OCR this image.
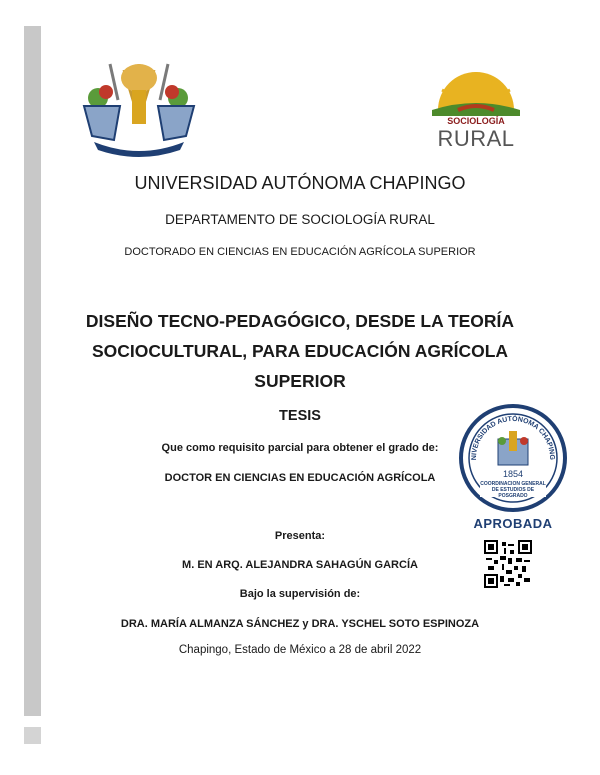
SOCIOLOGÍA
RURAL
UNIVERSIDAD AUTÓNOMA CHAPINGO
DEPARTAMENTO DE SOCIOLOGÍA RURAL
DOCTORADO EN CIENCIAS EN EDUCACIÓN AGRÍCOLA SUPERIOR
DISEÑO TECNO-PEDAGÓGICO, DESDE LA TEORÍA
SOCIOCULTURAL, PARA EDUCACIÓN AGRÍCOLA
SUPERIOR
TESIS
Que como requisito parcial para obtener el grado de:
DOCTOR EN CIENCIAS EN EDUCACIÓN AGRÍCOLA
Presenta:
M. EN ARQ. ALEJANDRA SAHAGÚN GARCÍA
Bajo la supervisión de:
DRA. MARÍA ALMANZA SÁNCHEZ y DRA. YSCHEL SOTO ESPINOZA
Chapingo, Estado de México a 28 de abril 2022
NIVERSIDAD AUTÓNOMA CHAPING
1854
COORDINACIÓN GENERAL DE ESTUDIOS DE POSGRADO
APROBADA
